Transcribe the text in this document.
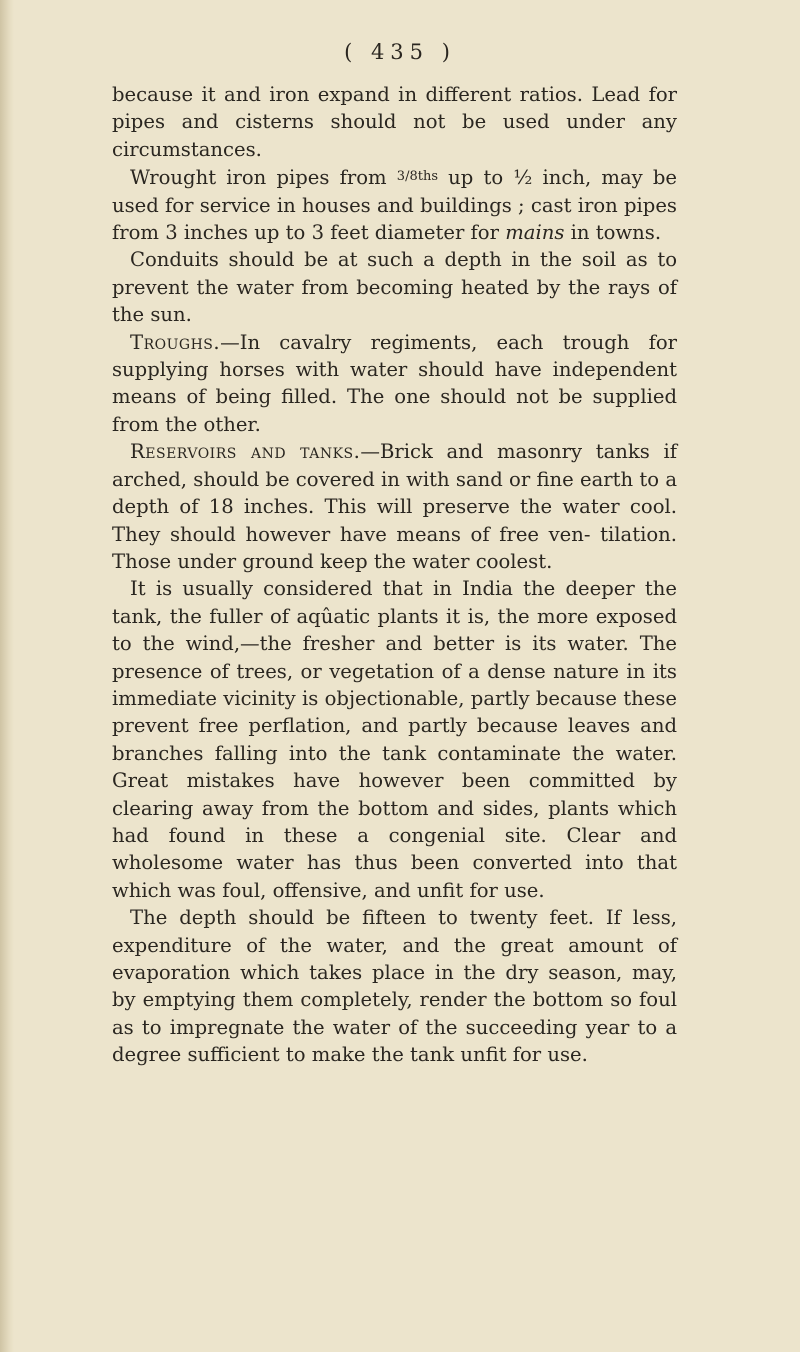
( 435 )

because it and iron expand in different ratios. Lead for pipes and cisterns should not be used under any circumstances.

Wrought iron pipes from $^{3/8ths}$ up to ½ inch, may be used for service in houses and buildings ; cast iron pipes from 3 inches up to 3 feet diameter for mains in towns.

Conduits should be at such a depth in the soil as to prevent the water from becoming heated by the rays of the sun.

Troughs.—In cavalry regiments, each trough for supplying horses with water should have independent means of being filled. The one should not be supplied from the other.

Reservoirs and tanks.—Brick and masonry tanks if arched, should be covered in with sand or fine earth to a depth of 18 inches. This will preserve the water cool. They should however have means of free ven- tilation. Those under ground keep the water coolest.

It is usually considered that in India the deeper the tank, the fuller of aqûatic plants it is, the more exposed to the wind,—the fresher and better is its water. The presence of trees, or vegetation of a dense nature in its immediate vicinity is objectionable, partly because these prevent free perflation, and partly because leaves and branches falling into the tank contaminate the water. Great mistakes have however been committed by clearing away from the bottom and sides, plants which had found in these a congenial site. Clear and wholesome water has thus been converted into that which was foul, offensive, and unfit for use.

The depth should be fifteen to twenty feet. If less, expenditure of the water, and the great amount of evaporation which takes place in the dry season, may, by emptying them completely, render the bottom so foul as to impregnate the water of the succeeding year to a degree sufficient to make the tank unfit for use.
